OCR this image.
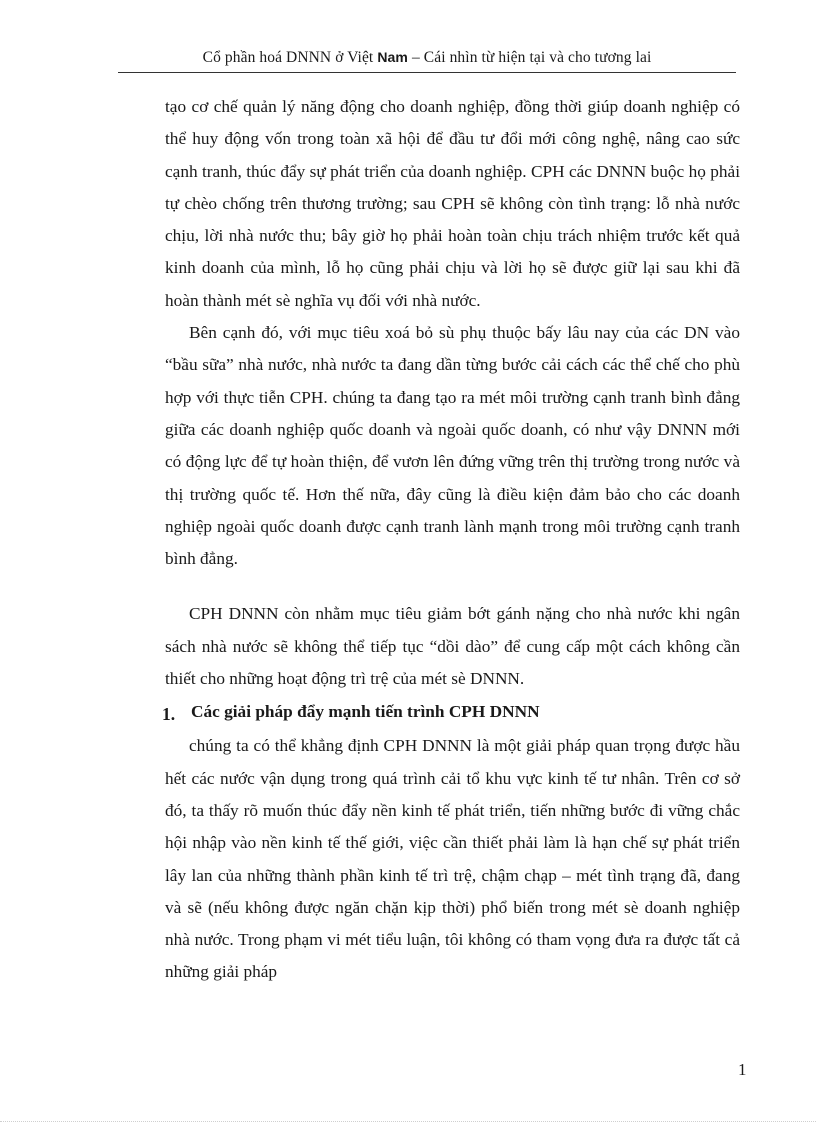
Cổ phần hoá DNNN ở Việt Nam – Cái nhìn từ hiện tại và cho tương lai

tạo cơ chế quản lý năng động cho doanh nghiệp, đồng thời giúp doanh nghiệp có thể huy động vốn trong toàn xã hội để đầu tư đổi mới công nghệ, nâng cao sức cạnh tranh, thúc đẩy sự phát triển của doanh nghiệp. CPH các DNNN buộc họ phải tự chèo chống trên thương trường; sau CPH sẽ không còn tình trạng: lỗ nhà nước chịu, lời nhà nước thu; bây giờ họ phải hoàn toàn chịu trách nhiệm trước kết quả kinh doanh của mình, lỗ họ cũng phải chịu và lời họ sẽ được giữ lại sau khi đã hoàn thành mét sè nghĩa vụ đối với nhà nước.

Bên cạnh đó, với mục tiêu xoá bỏ sù phụ thuộc bấy lâu nay của các DN vào “bầu sữa” nhà nước, nhà nước ta đang dần từng bước cải cách các thể chế cho phù hợp với thực tiễn CPH. chúng ta đang tạo ra mét môi trường cạnh tranh bình đẳng giữa các doanh nghiệp quốc doanh và ngoài quốc doanh, có như vậy DNNN mới có động lực để tự hoàn thiện, để vươn lên đứng vững trên thị trường trong nước và thị trường quốc tế. Hơn thế nữa, đây cũng là điều kiện đảm bảo cho các doanh nghiệp ngoài quốc doanh được cạnh tranh lành mạnh trong môi trường cạnh tranh bình đẳng.

CPH DNNN còn nhằm mục tiêu giảm bớt gánh nặng cho nhà nước khi ngân sách nhà nước sẽ không thể tiếp tục “dồi dào” để cung cấp một cách không cần thiết cho những hoạt động trì trệ của mét sè DNNN.

1. Các giải pháp đẩy mạnh tiến trình CPH DNNN

chúng ta có thể khẳng định CPH DNNN là một giải pháp quan trọng được hầu hết các nước vận dụng trong quá trình cải tổ khu vực kinh tế tư nhân. Trên cơ sở đó, ta thấy rõ muốn thúc đẩy nền kinh tế phát triển, tiến những bước đi vững chắc hội nhập vào nền kinh tế thế giới, việc cần thiết phải làm là hạn chế sự phát triển lây lan của những thành phần kinh tế trì trệ, chậm chạp – mét tình trạng đã, đang và sẽ (nếu không được ngăn chặn kịp thời) phổ biến trong mét sè doanh nghiệp nhà nước. Trong phạm vi mét tiểu luận, tôi không có tham vọng đưa ra được tất cả những giải pháp

1
